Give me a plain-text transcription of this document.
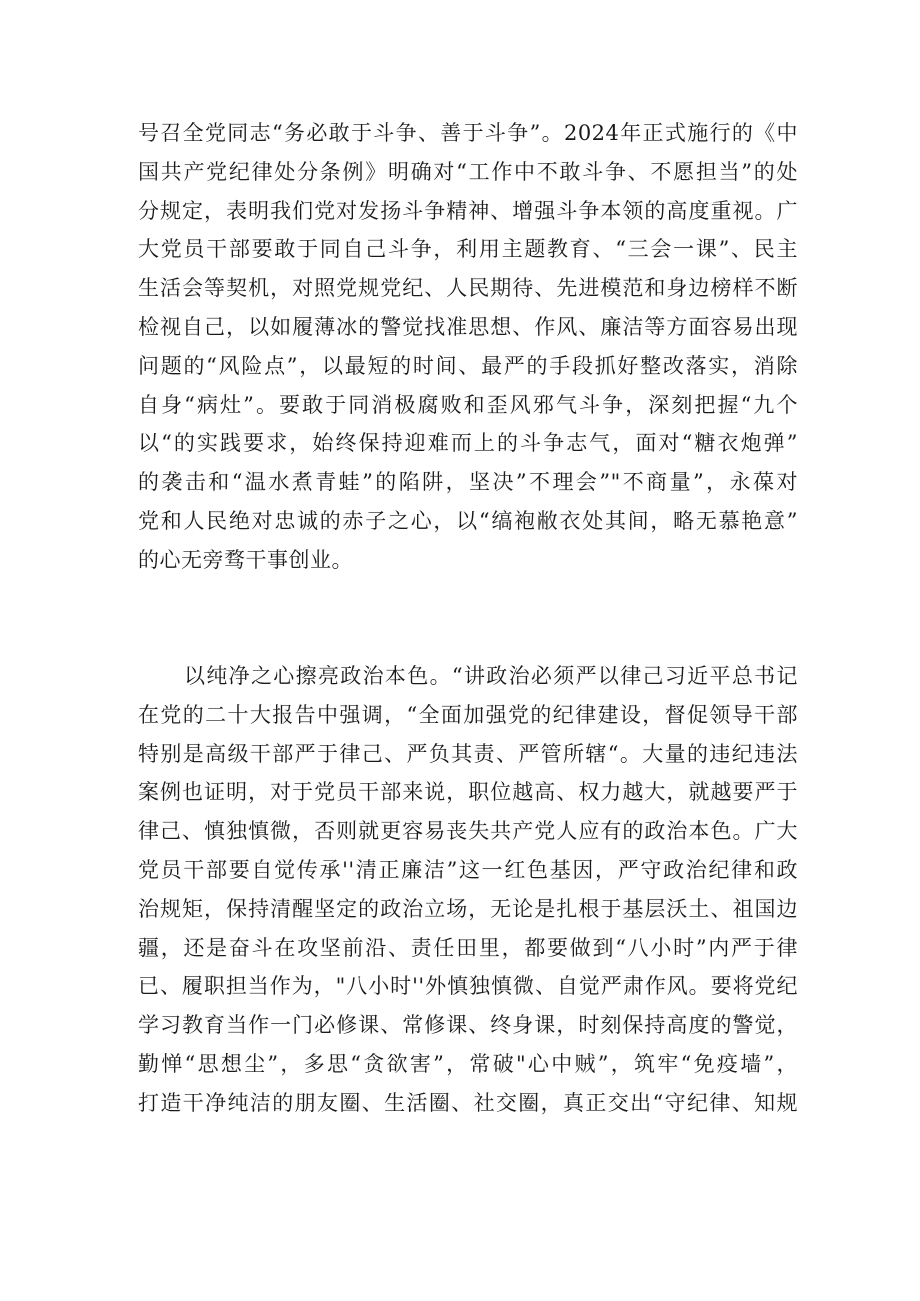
号召全党同志“务必敢于斗争、善于斗争”。2024年正式施行的《中
国共产党纪律处分条例》明确对“工作中不敢斗争、不愿担当”的处
分规定，表明我们党对发扬斗争精神、增强斗争本领的高度重视。广
大党员干部要敢于同自己斗争，利用主题教育、“三会一课”、民主
生活会等契机，对照党规党纪、人民期待、先进模范和身边榜样不断
检视自己，以如履薄冰的警觉找准思想、作风、廉洁等方面容易出现
问题的“风险点”，以最短的时间、最严的手段抓好整改落实，消除
自身“病灶”。要敢于同消极腐败和歪风邪气斗争，深刻把握“九个
以“的实践要求，始终保持迎难而上的斗争志气，面对“糖衣炮弹”
的袭击和“温水煮青蛙”的陷阱，坚决”不理会”"不商量”，永葆对
党和人民绝对忠诚的赤子之心，以“缟袍敝衣处其间，略无慕艳意”
的心无旁骛干事创业。
以纯净之心擦亮政治本色。“讲政治必须严以律己习近平总书记
在党的二十大报告中强调，“全面加强党的纪律建设，督促领导干部
特别是高级干部严于律己、严负其责、严管所辖“。大量的违纪违法
案例也证明，对于党员干部来说，职位越高、权力越大，就越要严于
律己、慎独慎微，否则就更容易丧失共产党人应有的政治本色。广大
党员干部要自觉传承''清正廉洁”这一红色基因，严守政治纪律和政
治规矩，保持清醒坚定的政治立场，无论是扎根于基层沃土、祖国边
疆，还是奋斗在攻坚前沿、责任田里，都要做到“八小时”内严于律
已、履职担当作为，"八小时''外慎独慎微、自觉严肃作风。要将党纪
学习教育当作一门必修课、常修课、终身课，时刻保持高度的警觉，
勤惮“思想尘”，多思“贪欲害”，常破"心中贼”，筑牢“免疫墙”，
打造干净纯洁的朋友圈、生活圈、社交圈，真正交出“守纪律、知规
